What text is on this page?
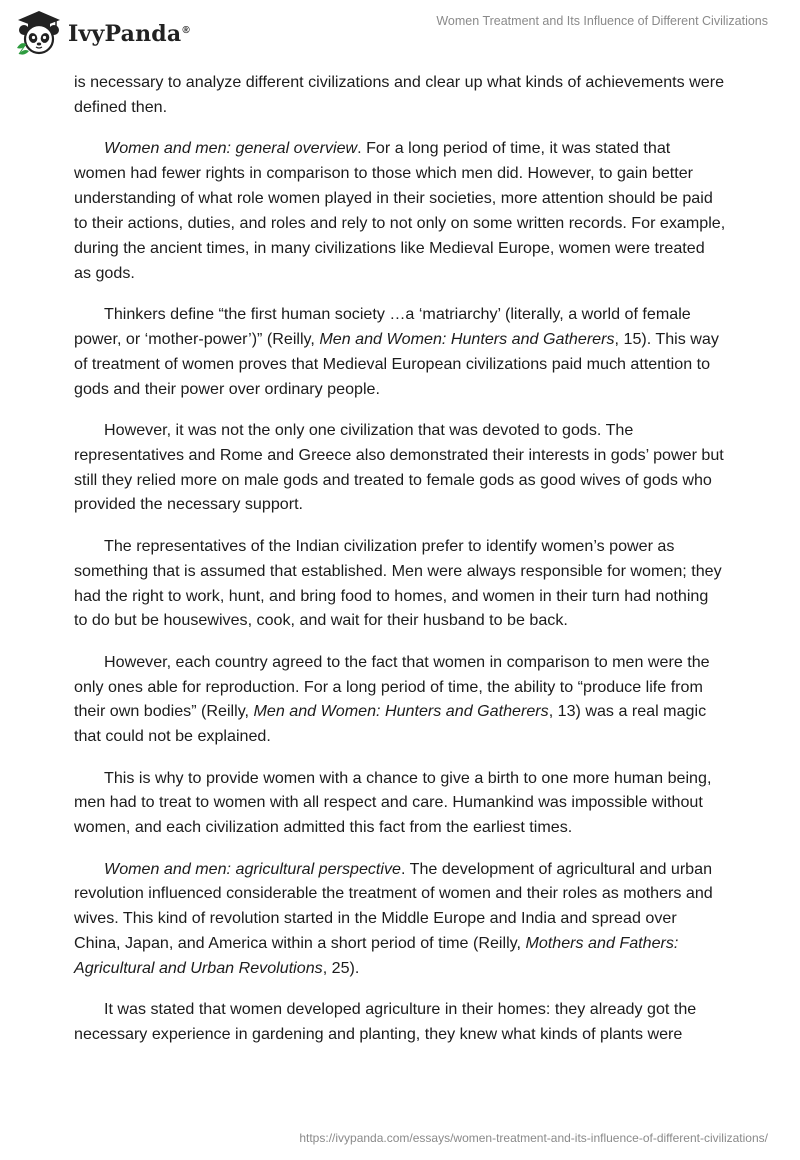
IvyPanda®
Women Treatment and Its Influence of Different Civilizations

is necessary to analyze different civilizations and clear up what kinds of achievements were defined then.

Women and men: general overview. For a long period of time, it was stated that women had fewer rights in comparison to those which men did. However, to gain better understanding of what role women played in their societies, more attention should be paid to their actions, duties, and roles and rely to not only on some written records. For example, during the ancient times, in many civilizations like Medieval Europe, women were treated as gods.

Thinkers define “the first human society …a ‘matriarchy’ (literally, a world of female power, or ‘mother-power’)” (Reilly, Men and Women: Hunters and Gatherers, 15). This way of treatment of women proves that Medieval European civilizations paid much attention to gods and their power over ordinary people.

However, it was not the only one civilization that was devoted to gods. The representatives and Rome and Greece also demonstrated their interests in gods’ power but still they relied more on male gods and treated to female gods as good wives of gods who provided the necessary support.

The representatives of the Indian civilization prefer to identify women’s power as something that is assumed that established. Men were always responsible for women; they had the right to work, hunt, and bring food to homes, and women in their turn had nothing to do but be housewives, cook, and wait for their husband to be back.

However, each country agreed to the fact that women in comparison to men were the only ones able for reproduction. For a long period of time, the ability to “produce life from their own bodies” (Reilly, Men and Women: Hunters and Gatherers, 13) was a real magic that could not be explained.

This is why to provide women with a chance to give a birth to one more human being, men had to treat to women with all respect and care. Humankind was impossible without women, and each civilization admitted this fact from the earliest times.

Women and men: agricultural perspective. The development of agricultural and urban revolution influenced considerable the treatment of women and their roles as mothers and wives. This kind of revolution started in the Middle Europe and India and spread over China, Japan, and America within a short period of time (Reilly, Mothers and Fathers: Agricultural and Urban Revolutions, 25).

It was stated that women developed agriculture in their homes: they already got the necessary experience in gardening and planting, they knew what kinds of plants were

https://ivypanda.com/essays/women-treatment-and-its-influence-of-different-civilizations/
